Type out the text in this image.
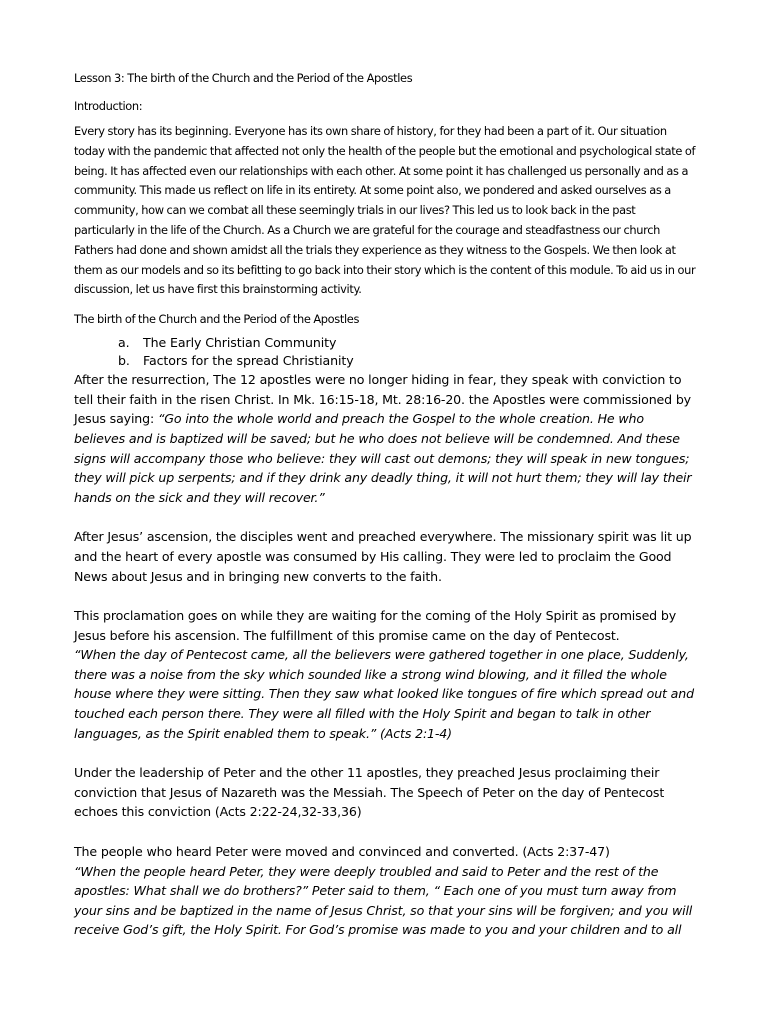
Lesson 3: The birth of the Church and the Period of the Apostles

Introduction:

Every story has its beginning. Everyone has its own share of history, for they had been a part of it. Our situation today with the pandemic that affected not only the health of the people but the emotional and psychological state of being. It has affected even our relationships with each other. At some point it has challenged us personally and as a community. This made us reflect on life in its entirety. At some point also, we pondered and asked ourselves as a community, how can we combat all these seemingly trials in our lives? This led us to look back in the past particularly in the life of the Church. As a Church we are grateful for the courage and steadfastness our church Fathers had done and shown amidst all the trials they experience as they witness to the Gospels. We then look at them as our models and so its befitting to go back into their story which is the content of this module. To aid us in our discussion, let us have first this brainstorming activity.

The birth of the Church and the Period of the Apostles

a.	The Early Christian Community
b.	Factors for the spread Christianity

After the resurrection, The 12 apostles were no longer hiding in fear, they speak with conviction to tell their faith in the risen Christ. In Mk. 16:15-18, Mt. 28:16-20. the Apostles were commissioned by Jesus saying: “Go into the whole world and preach the Gospel to the whole creation. He who believes and is baptized will be saved; but he who does not believe will be condemned. And these signs will accompany those who believe: they will cast out demons; they will speak in new tongues; they will pick up serpents; and if they drink any deadly thing, it will not hurt them; they will lay their hands on the sick and they will recover.”

After Jesus’ ascension, the disciples went and preached everywhere. The missionary spirit was lit up and the heart of every apostle was consumed by His calling. They were led to proclaim the Good News about Jesus and in bringing new converts to the faith.

This proclamation goes on while they are waiting for the coming of the Holy Spirit as promised by Jesus before his ascension. The fulfillment of this promise came on the day of Pentecost.
“When the day of Pentecost came, all the believers were gathered together in one place, Suddenly, there was a noise from the sky which sounded like a strong wind blowing, and it filled the whole house where they were sitting. Then they saw what looked like tongues of fire which spread out and touched each person there. They were all filled with the Holy Spirit and began to talk in other languages, as the Spirit enabled them to speak.” (Acts 2:1-4)

Under the leadership of Peter and the other 11 apostles, they preached Jesus proclaiming their conviction that Jesus of Nazareth was the Messiah. The Speech of Peter on the day of Pentecost echoes this conviction (Acts 2:22-24,32-33,36)

The people who heard Peter were moved and convinced and converted. (Acts 2:37-47)
“When the people heard Peter, they were deeply troubled and said to Peter and the rest of the apostles: What shall we do brothers?” Peter said to them, “ Each one of you must turn away from your sins and be baptized in the name of Jesus Christ, so that your sins will be forgiven; and you will receive God’s gift, the Holy Spirit. For God’s promise was made to you and your children and to all
